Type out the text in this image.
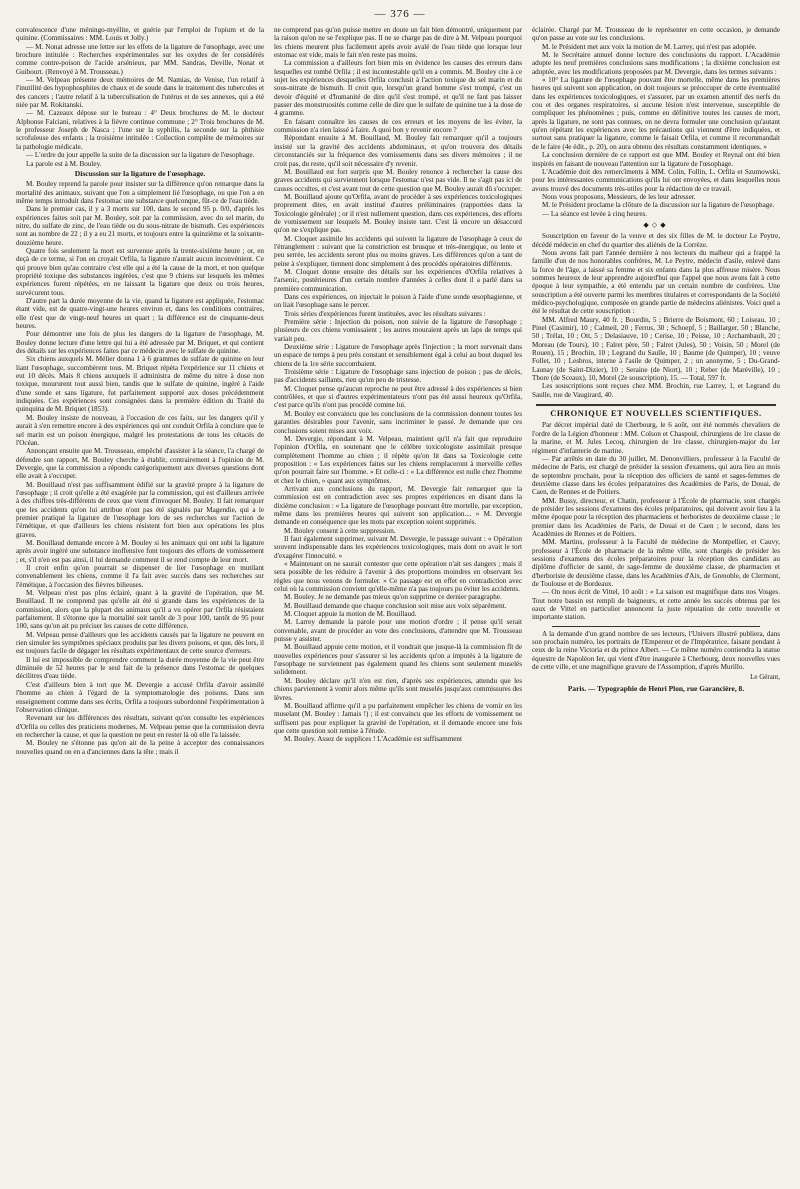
— 376 —

convalescence d'une méningo-myélite, et guérie par l'emploi de l'opium et de la quinine. (Commissaires : MM. Louis et Jolly.)

— M. Nonat adresse une lettre sur les effets de la ligature de l'œsophage, avec une brochure intitulée : Recherches expérimentales sur les oxydes de fer considérés comme contre-poison de l'acide arsénieux, par MM. Sandras, Deville, Nonat et Guibourt. (Renvoyé à M. Trousseau.)

— M. Velpeau présente deux mémoires de M. Namias, de Venise, l'un relatif à l'inutilité des hypophosphites de chaux et de soude dans le traitement des tubercules et des cancers ; l'autre relatif à la tuberculisation de l'utérus et de ses annexes, qui a été niée par M. Rokitanski.

— M. Cazeaux dépose sur le bureau : 4° Deux brochures de M. le docteur Alphonse Falciani, relatives à la fièvre continue commune ; 2° Trois brochures de M. le professeur Joseph de Nasca ; l'une sur la syphilis, la seconde sur la phthisie scrofuleuse des enfants ; la troisième intitulée : Collection complète de mémoires sur la pathologie médicale.

— L'ordre du jour appelle la suite de la discussion sur la ligature de l'œsophage.

La parole est à M. Bouley.

Discussion sur la ligature de l'œsophage.

M. Bouley reprend la parole pour insister sur la différence qu'on remarque dans la mortalité des animaux, suivant que l'on a simplement lié l'œsophage, ou que l'on a en même temps introduit dans l'estomac une substance quelconque, fût-ce de l'eau tiède.

Dans le premier cas, il y a 3 morts sur 100, dans le second 95 p. 0/0, d'après les expériences faites soit par M. Bouley, soit par la commission, avec du sel marin, du nitre, du sulfate de zinc, de l'eau tiède ou du sous-nitrate de bismuth. Ces expériences sont au nombre de 22 ; il y a eu 21 morts, et toujours entre la quinzième et la soixante-douzième heure.

Quatre fois seulement la mort est survenue après la trente-sixième heure ; or, en deçà de ce terme, si l'on en croyait Orfila, la ligature n'aurait aucun inconvénient. Ce qui prouve bien qu'au contraire c'est elle qui a été la cause de la mort, et non quelque propriété toxique des substances ingérées, c'est que 9 chiens sur lesquels les mêmes expériences furent répétées, en ne laissant la ligature que deux ou trois heures, survécurent tous.

D'autre part la durée moyenne de la vie, quand la ligature est appliquée, l'estomac étant vide, est de quatre-vingt-une heures environ et, dans les conditions contraires, elle n'est que de vingt-neuf heures un quart ; la différence est de cinquante-deux heures.

Pour démontrer une fois de plus les dangers de la ligature de l'œsophage, M. Bouley donne lecture d'une lettre qui lui a été adressée par M. Briquet, et qui contient des détails sur les expériences faites par ce médecin avec le sulfate de quinine.

Six chiens auxquels M. Mélier donna 1 à 6 grammes de sulfate de quinine en leur liant l'œsophage, succombèrent tous. M. Briquet répéta l'expérience sur 11 chiens et eut 10 décès. Mais 8 chiens auxquels il administra de même du nitre à dose non toxique, moururent tout aussi bien, tandis que le sulfate de quinine, ingéré à l'aide d'une sonde et sans ligature, fut parfaitement supporté aux doses précédemment indiquées. Ces expériences sont consignées dans la première édition du Traité du quinquina de M. Briquet (1853).

M. Bouley insiste de nouveau, à l'occasion de ces faits, sur les dangers qu'il y aurait à s'en remettre encore à des expériences qui ont conduit Orfila à conclure que le sel marin est un poison énergique, malgré les protestations de tous les cétacés de l'Océan.

Annonçant ensuite que M. Trousseau, empêché d'assister à la séance, l'a chargé de défendre son rapport, M. Bouley cherche à établir, contrairement à l'opinion de M. Devergie, que la commission a répondu catégoriquement aux diverses questions dont elle avait à s'occuper.

M. Bouillaud n'est pas suffisamment édifié sur la gravité propre à la ligature de l'œsophage ; il croit qu'elle a été exagérée par la commission, qui est d'ailleurs arrivée à des chiffres très-différents de ceux que vient d'invoquer M. Bouley. Il fait remarquer que les accidents qu'on lui attribue n'ont pas été signalés par Magendie, qui a le premier pratiqué la ligature de l'œsophage lors de ses recherches sur l'action de l'émétique, et que d'ailleurs les chiens résistent fort bien aux opérations les plus graves.

M. Bouillaud demande encore à M. Bouley si les animaux qui ont subi la ligature après avoir ingéré une substance inoffensive font toujours des efforts de vomissement ; et, s'il n'en est pas ainsi, il lui demande comment il se rend compte de leur mort.

Il croit enfin qu'on pourrait se dispenser de lier l'œsophage en mutilant convenablement les chiens, comme il l'a fait avec succès dans ses recherches sur l'émétique, à l'occasion des fièvres bilieuses.

M. Velpeau n'est pas plus éclairé, quant à la gravité de l'opération, que M. Bouillaud. Il ne comprend pas qu'elle ait été si grande dans les expériences de la commission, alors que la plupart des animaux qu'il a vu opérer par Orfila résistaient parfaitement. Il s'étonne que la mortalité soit tantôt de 3 pour 100, tantôt de 95 pour 100, sans qu'on ait pu préciser les causes de cette différence.

M. Velpeau pense d'ailleurs que les accidents causés par la ligature ne peuvent en rien simuler les symptômes spéciaux produits par les divers poisons, et que, dès lors, il est toujours facile de dégager les résultats expérimentaux de cette source d'erreurs.

Il lui est impossible de comprendre comment la durée moyenne de la vie peut être diminuée de 52 heures par le seul fait de la présence dans l'estomac de quelques décilitres d'eau tiède.

C'est d'ailleurs bien à tort que M. Devergie a accusé Orfila d'avoir assimilé l'homme au chien à l'égard de la symptomatologie des poisons. Dans son enseignement comme dans ses écrits, Orfila a toujours subordonné l'expérimentation à l'observation clinique.

Revenant sur les différences des résultats, suivant qu'on consulte les expériences d'Orfila ou celles des praticiens modernes, M. Velpeau pense que la commission devra en rechercher la cause, et que la question ne peut en rester là où elle l'a laissée.

M. Bouley ne s'étonne pas qu'on ait de la peine à accepter des connaissances nouvelles quand on en a d'anciennes dans la tête ; mais il

ne comprend pas qu'on puisse mettre en doute un fait bien démontré, uniquement par la raison qu'on ne se l'explique pas. Il ne se charge pas de dire à M. Velpeau pourquoi les chiens meurent plus facilement après avoir avalé de l'eau tiède que lorsque leur estomac est vide, mais le fait n'en reste pas moins.

La commission a d'ailleurs fort bien mis en évidence les causes des erreurs dans lesquelles est tombé Orfila ; il est incontestable qu'il en a commis. M. Bouley cite à ce sujet les expériences desquelles Orfila conclusit à l'action toxique du sel marin et du sous-nitrate de bismuth. Il croit que, lorsqu'un grand homme s'est trompé, c'est un devoir d'équité et d'humanité de dire qu'il s'est trompé, et qu'il ne faut pas laisser passer des monstruosités comme celle de dire que le sulfate de quinine tue à la dose de 4 gramme.

En faisant connaître les causes de ces erreurs et les moyens de les éviter, la commission n'a rien laissé à faire. A quoi bon y revenir encore ?

Répondant ensuite à M. Bouillaud, M. Bouley fait remarquer qu'il a toujours insisté sur la gravité des accidents abdominaux, et qu'on trouvera des détails circonstanciés sur la fréquence des vomissements dans ses divers mémoires ; il ne croit pas, du reste, qu'il soit nécessaire d'y revenir.

M. Bouillaud est fort surpris que M. Bouley renonce à rechercher la cause des graves accidents qui surviennent lorsque l'estomac n'est pas vide. Il ne s'agit pas ici de causes occultes, et c'est avant tout de cette question que M. Bouley aurait dû s'occuper.

M. Bouillaud ajoute qu'Orfila, avant de procéder à ses expériences toxicologiques proprement dites, en avait institué d'autres préliminaires (rapportées dans la Toxicologie générale) ; or il n'est nullement question, dans ces expériences, des efforts de vomissement sur lesquels M. Bouley insiste tant. C'est là encore un désaccord qu'on ne s'explique pas.

M. Cloquet assimile les accidents qui suivent la ligature de l'œsophage à ceux de l'étranglement : suivant que la constriction est brusque et très-énergique, ou lente et peu serrée, les accidents seront plus ou moins graves. Les différences qu'on a tant de peine à s'expliquer, tiennent donc simplement à des procédés opératoires différents.

M. Cloquet donne ensuite des détails sur les expériences d'Orfila relatives à l'arsenic, postérieures d'un certain nombre d'années à celles dont il a parlé dans sa première communication.

Dans ces expériences, on injectait le poison à l'aide d'une sonde œsophagienne, et on liait l'œsophage sans le percer.

Trois séries d'expériences furent instituées, avec les résultats suivants :

Première série : Injection du poison, non suivie de la ligature de l'œsophage ; plusieurs de ces chiens vomissaient ; les autres mouraient après un laps de temps qui variait peu.

Deuxième série : Ligature de l'œsophage après l'injection ; la mort survenait dans un espace de temps à peu près constant et sensiblement égal à celui au bout duquel les chiens de la 1re série succombaient.

Troisième série : Ligature de l'œsophage sans injection de poison ; pas de décès, pas d'accidents saillants, rien qu'un peu de tristesse.

M. Cloquet pense qu'aucun reproche ne peut être adressé à des expériences si bien contrôlées, et que si d'autres expérimentateurs n'ont pas été aussi heureux qu'Orfila, c'est parce qu'ils n'ont pas procédé comme lui.

M. Bouley est convaincu que les conclusions de la commission donnent toutes les garanties désirables pour l'avenir, sans incriminer le passé. Je demande que ces conclusions soient mises aux voix.

M. Devergie, répondant à M. Velpeau, maintient qu'il n'a fait que reproduire l'opinion d'Orfila, en soutenant que le célèbre toxicologiste assimilait presque complètement l'homme au chien ; il répète qu'on lit dans sa Toxicologie cette proposition : « Les expériences faites sur les chiens remplaceront à merveille celles qu'on pourrait faire sur l'homme. » Et celle-ci : « La différence est nulle chez l'homme et chez le chien, » quant aux symptômes.

Arrivant aux conclusions du rapport, M. Devergie fait remarquer que la commission est en contradiction avec ses propres expériences en disant dans la dixième conclusion : « La ligature de l'œsophage pouvant être mortelle, par exception, même dans les premières heures qui suivent son application.... » M. Devergie demande en conséquence que les mots par exception soient supprimés.

M. Bouley consent à cette suppression.

Il faut également supprimer, suivant M. Devergie, le passage suivant : « Opération souvent indispensable dans les expériences toxicologiques, mais dont on avait le tort d'exagérer l'innocuité. »

« Maintenant on ne saurait contester que cette opération n'ait ses dangers ; mais il sera possible de les réduire à l'avenir à des proportions moindres en observant les règles que nous venons de formuler. » Ce passage est en effet en contradiction avec celui où la commission convient qu'elle-même n'a pas toujours pu éviter les accidents.

M. Bouley. Je ne demande pas mieux qu'on supprime ce dernier paragraphe.

M. Bouillaud demande que chaque conclusion soit mise aux voix séparément.

M. Cloquet appuie la motion de M. Bouillaud.

M. Larrey demande la parole pour une motion d'ordre ; il pense qu'il serait convenable, avant de procéder au vote des conclusions, d'attendre que M. Trousseau puisse y assister.

M. Bouillaud appuie cette motion, et il voudrait que jusque-là la commission fît de nouvelles expériences pour s'assurer si les accidents qu'on a imputés à la ligature de l'œsophage ne surviennent pas également quand les chiens sont seulement muselés solidement.

M. Bouley déclare qu'il n'en est rien, d'après ses expériences, attendu que les chiens parviennent à vomir alors même qu'ils sont muselés jusqu'aux commissures des lèvres.

M. Bouillaud affirme qu'il a pu parfaitement empêcher les chiens de vomir en les muselant (M. Bouley : Jamais !) ; il est convaincu que les efforts de vomissement ne suffisent pas pour expliquer la gravité de l'opération, et il demande encore une fois que cette question soit remise à l'étude.

M. Bouley. Assez de supplices ! L'Académie est suffisamment

éclairée. Chargé par M. Trousseau de le représenter en cette occasion, je demande qu'on passe au vote sur les conclusions.

M. le Président met aux voix la motion de M. Larrey, qui n'est pas adoptée.

M. le Secrétaire annuel donne lecture des conclusions du rapport. L'Académie adopte les neuf premières conclusions sans modifications ; la dixième conclusion est adoptée, avec les modifications proposées par M. Devergie, dans les termes suivants :

« 10° La ligature de l'œsophage pouvant être mortelle, même dans les premières heures qui suivent son application, on doit toujours se préoccuper de cette éventualité dans les expériences toxicologiques, et s'assurer, par un examen attentif des nerfs du cou et des organes respiratoires, si aucune lésion n'est intervenue, susceptible de compliquer les phénomènes ; puis, comme en définitive toutes les causes de mort, après la ligature, ne sont pas connues, on ne devra formuler une conclusion qu'autant qu'en répétant les expériences avec les précautions qui viennent d'être indiquées, et surtout sans pratiquer la ligature, comme le faisait Orfila, et comme il recommandait de le faire (4e édit., p. 20), on aura obtenu des résultats constamment identiques. »

La conclusion dernière de ce rapport est que MM. Bouley et Reynal ont été bien inspirés en faisant de nouveau l'attention sur la ligature de l'œsophage.

L'Académie doit des remercîments à MM. Colin, Follin, L. Orfila et Szumowski, pour les intéressantes communications qu'ils lui ont envoyées, et dans lesquelles nous avons trouvé des documents très-utiles pour la rédaction de ce travail.

Nous vous proposons, Messieurs, de les leur adresser.

M. le Président proclame la clôture de la discussion sur la ligature de l'œsophage.

— La séance est levée à cinq heures.

◆◇◆

Souscription en faveur de la veuve et des six filles de M. le docteur Le Peytre, décédé médecin en chef du quartier des aliénés de la Corrèze.

Nous avons fait part l'année dernière à nos lecteurs du malheur qui a frappé la famille d'un de nos honorables confrères, M. Le Peytre, médecin d'asile, enlevé dans la force de l'âge, a laissé sa femme et six enfants dans la plus affreuse misère. Nous sommes heureux de leur apprendre aujourd'hui que l'appel que nous avons fait à cette époque à leur sympathie, a été entendu par un certain nombre de confrères. Une souscription a été ouverte parmi les membres titulaires et correspondants de la Société médico-psychologique, composée en grande partie de médecins aliénistes. Voici quel a été le résultat de cette souscription :

MM. Alfred Maury, 40 fr. ; Bourdin, 5 ; Brierre de Boismont, 60 ; Loiseau, 10 ; Pinel (Casimir), 10 ; Calmeil, 20 ; Ferrus, 30 ; Schoepf, 5 ; Baillarger, 50 ; Blanche, 50 ; Trélat, 10 ; Ott, 5 ; Delasiauve, 10 ; Cerise, 10 ; Peisse, 10 ; Archambault, 20 ; Moreau (de Tours), 10 ; Falret père, 50 ; Falret (Jules), 50 ; Voisin, 50 ; Morel (de Rouen), 15 ; Brochin, 10 ; Legrand du Saulle, 10 ; Baume (de Quimper), 10 ; veuve Follet, 10 ; Lesbros, interne à l'asile de Quimper, 2 ; un anonyme, 5 ; Du-Grand-Launay (de Saint-Dizier), 10 ; Seraine (de Niort), 10 ; Reber (de Maréville), 10 ; Thore (de Sceaux), 10, Morel (2e souscription), 15. — Total, 597 fr.

Les souscriptions sont reçues chez MM. Brochin, rue Larrey, 1, et Legrand du Saulle, rue de Vaugirard, 40.

CHRONIQUE ET NOUVELLES SCIENTIFIQUES.

Par décret impérial daté de Cherbourg, le 6 août, ont été nommés chevaliers de l'ordre de la Légion d'honneur : MM. Colson et Chaspoul, chirurgiens de 1re classe de la marine, et M. Jules Lecoq, chirurgien de 1re classe, chirurgien-major du 1er régiment d'infanterie de marine.

— Par arrêtés en date du 30 juillet, M. Denonvilliers, professeur à la Faculté de médecine de Paris, est chargé de présider la session d'examens, qui aura lieu au mois de septembre prochain, pour la réception des officiers de santé et sages-femmes de deuxième classe dans les écoles préparatoires des Académies de Paris, de Douai, de Caen, de Rennes et de Poitiers.

MM. Bussy, directeur, et Chatin, professeur à l'École de pharmacie, sont chargés de présider les sessions d'examens des écoles préparatoires, qui doivent avoir lieu à la même époque pour la réception des pharmaciens et herboristes de deuxième classe ; le premier dans les Académies de Paris, de Douai et de Caen ; le second, dans les Académies de Rennes et de Poitiers.

MM. Martins, professeur à la Faculté de médecine de Montpellier, et Cauvy, professeur à l'École de pharmacie de la même ville, sont chargés de présider les sessions d'examens des écoles préparatoires pour la réception des candidats au diplôme d'officier de santé, de sage-femme de deuxième classe, de pharmacien et d'herboriste de deuxième classe, dans les Académies d'Aix, de Grenoble, de Clermont, de Toulouse et de Bordeaux.

— On nous écrit de Vittel, 10 août : « La saison est magnifique dans nos Vosges. Tout notre bassin est rempli de baigneurs, et cette année les succès obtenus par les eaux de Vittel en particulier annoncent la juste réputation de cette nouvelle et importante station.

A la demande d'un grand nombre de ses lecteurs, l'Univers illustré publiera, dans son prochain numéro, les portraits de l'Empereur et de l'Impératrice, faisant pendant à ceux de la reine Victoria et du prince Albert. — Ce même numéro contiendra la statue équestre de Napoléon Ier, qui vient d'être inaugurée à Cherbourg, deux nouvelles vues de cette ville, et une magnifique gravure de l'Assomption, d'après Murillo.

Le Gérant,
Paris. — Typographie de Henri Plon, rue Garancière, 8.
